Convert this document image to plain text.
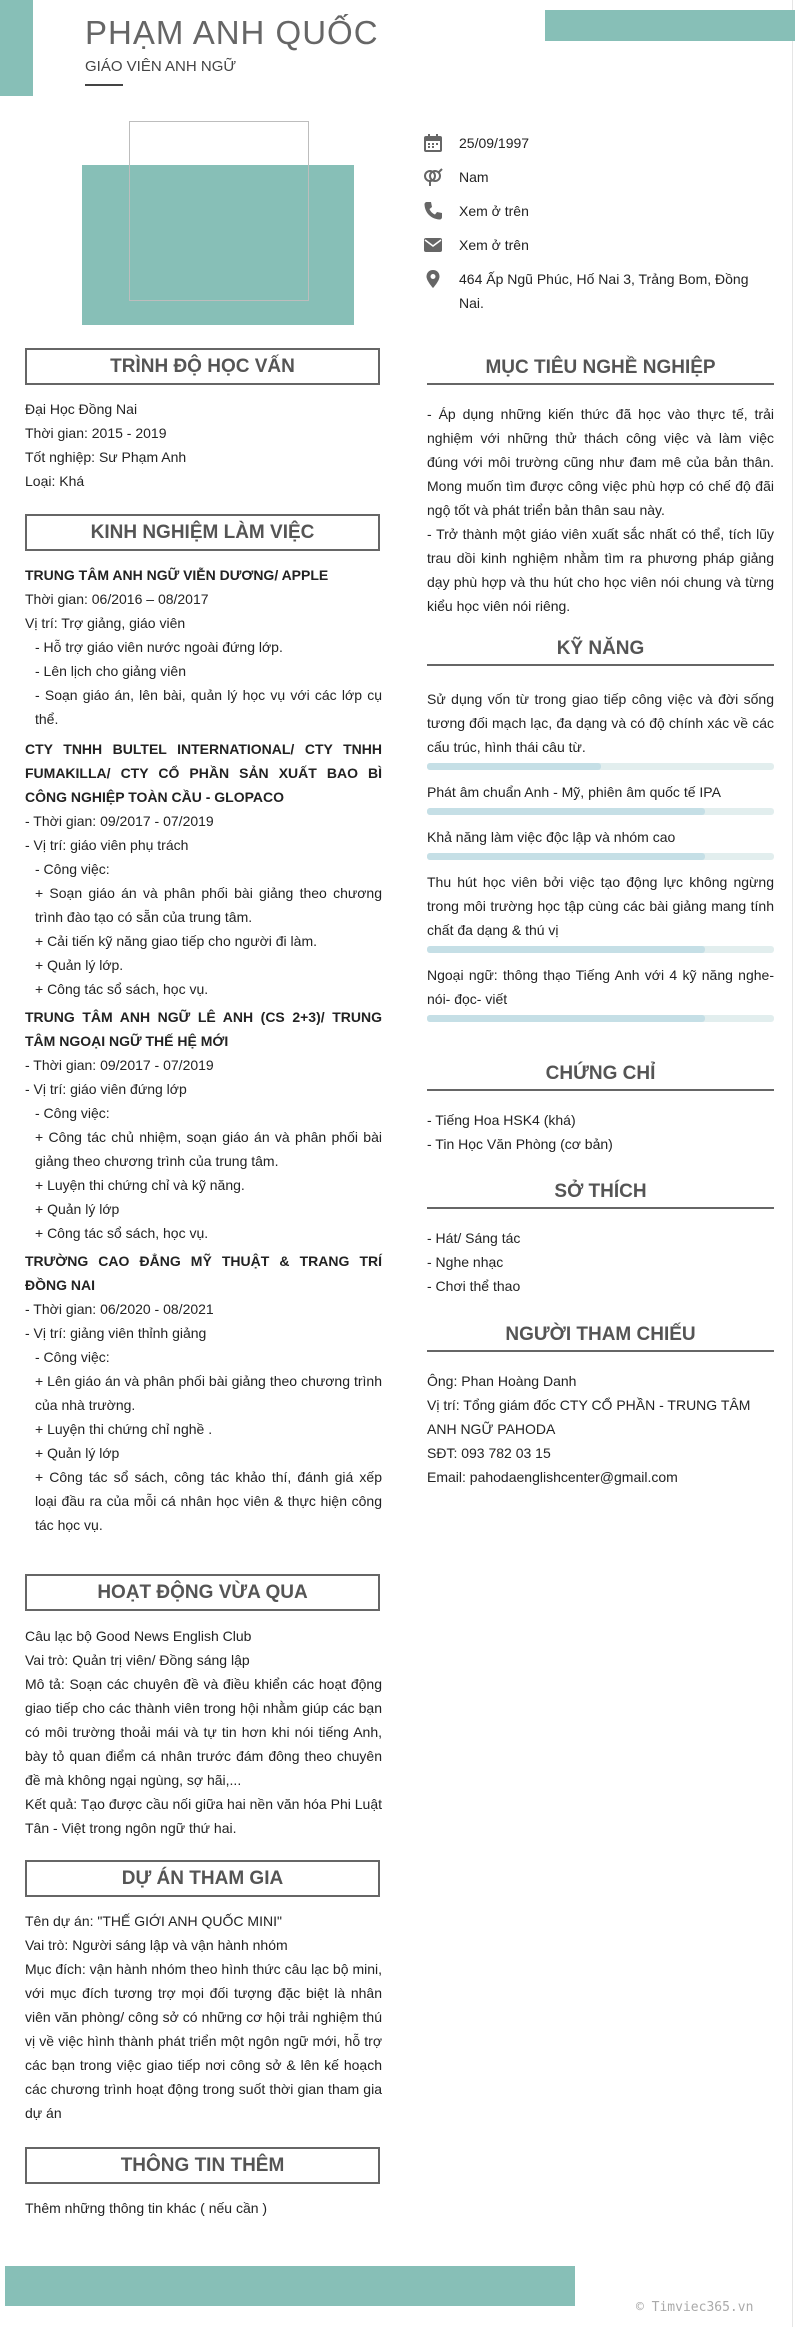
PHẠM ANH QUỐC
GIÁO VIÊN ANH NGỮ
25/09/1997
Nam
Xem ở trên
Xem ở trên
464 Ấp Ngũ Phúc, Hố Nai 3, Trảng Bom, Đồng Nai.
TRÌNH ĐỘ HỌC VẤN
Đại Học Đồng Nai
Thời gian: 2015 - 2019
Tốt nghiệp: Sư Phạm Anh
Loại: Khá
KINH NGHIỆM LÀM VIỆC
TRUNG TÂM ANH NGỮ VIỄN DƯƠNG/ APPLE
Thời gian: 06/2016 – 08/2017
Vị trí: Trợ giảng, giáo viên
- Hỗ trợ giáo viên nước ngoài đứng lớp.
- Lên lịch cho giảng viên
- Soạn giáo án, lên bài, quản lý học vụ với các lớp cụ thể.
CTY TNHH BULTEL INTERNATIONAL/ CTY TNHH FUMAKILLA/ CTY CỔ PHẦN SẢN XUẤT BAO BÌ CÔNG NGHIỆP TOÀN CẦU - GLOPACO
- Thời gian: 09/2017 - 07/2019
- Vị trí: giáo viên phụ trách
- Công việc:
+ Soạn giáo án và phân phối bài giảng theo chương trình đào tạo có sẵn của trung tâm.
+ Cải tiến kỹ năng giao tiếp cho người đi làm.
+ Quản lý lớp.
+ Công tác sổ sách, học vụ.
TRUNG TÂM ANH NGỮ LÊ ANH (CS 2+3)/ TRUNG TÂM NGOẠI NGỮ THẾ HỆ MỚI
- Thời gian: 09/2017 - 07/2019
- Vị trí: giáo viên đứng lớp
- Công việc:
+ Công tác chủ nhiệm, soạn giáo án và phân phối bài giảng theo chương trình của trung tâm.
+ Luyện thi chứng chỉ và kỹ năng.
+ Quản lý lớp
+ Công tác sổ sách, học vụ.
TRƯỜNG CAO ĐẲNG MỸ THUẬT & TRANG TRÍ ĐỒNG NAI
- Thời gian: 06/2020 - 08/2021
- Vị trí: giảng viên thỉnh giảng
- Công việc:
+ Lên giáo án và phân phối bài giảng theo chương trình của nhà trường.
+ Luyện thi chứng chỉ nghề .
+ Quản lý lớp
+ Công tác sổ sách, công tác khảo thí, đánh giá xếp loại đầu ra của mỗi cá nhân học viên & thực hiện công tác học vụ.
HOẠT ĐỘNG VỪA QUA
Câu lạc bộ Good News English Club
Vai trò: Quản trị viên/ Đồng sáng lập
Mô tả: Soạn các chuyên đề và điều khiển các hoạt động giao tiếp cho các thành viên trong hội nhằm giúp các bạn có môi trường thoải mái và tự tin hơn khi nói tiếng Anh, bày tỏ quan điểm cá nhân trước đám đông theo chuyên đề mà không ngại ngùng, sợ hãi,...
Kết quả: Tạo được cầu nối giữa hai nền văn hóa Phi Luật Tân - Việt trong ngôn ngữ thứ hai.
DỰ ÁN THAM GIA
Tên dự án: "THẾ GIỚI ANH QUỐC MINI"
Vai trò: Người sáng lập và vận hành nhóm
Mục đích: vận hành nhóm theo hình thức câu lạc bộ mini, với mục đích tương trợ mọi đối tượng đặc biệt là nhân viên văn phòng/ công sở có những cơ hội trải nghiệm thú vị về việc hình thành phát triển một ngôn ngữ mới, hỗ trợ các bạn trong việc giao tiếp nơi công sở & lên kế hoạch các chương trình hoạt động trong suốt thời gian tham gia dự án
THÔNG TIN THÊM
Thêm những thông tin khác ( nếu cần )
MỤC TIÊU NGHỀ NGHIỆP
- Áp dụng những kiến thức đã học vào thực tế, trải nghiệm với những thử thách công việc và làm việc đúng với môi trường cũng như đam mê của bản thân. Mong muốn tìm được công việc phù hợp có chế độ đãi ngộ tốt và phát triển bản thân sau này.
- Trở thành một giáo viên xuất sắc nhất có thể, tích lũy trau dồi kinh nghiệm nhằm tìm ra phương pháp giảng dạy phù hợp và thu hút cho học viên nói chung và từng kiểu học viên nói riêng.
KỸ NĂNG
Sử dụng vốn từ trong giao tiếp công việc và đời sống tương đối mạch lạc, đa dạng và có độ chính xác về các cấu trúc, hình thái câu từ.
Phát âm chuẩn Anh - Mỹ, phiên âm quốc tế IPA
Khả năng làm việc độc lập và nhóm cao
Thu hút học viên bởi việc tạo động lực không ngừng trong môi trường học tập cùng các bài giảng mang tính chất đa dạng & thú vị
Ngoại ngữ: thông thạo Tiếng Anh với 4 kỹ năng nghe- nói- đọc- viết
CHỨNG CHỈ
- Tiếng Hoa HSK4 (khá)
- Tin Học Văn Phòng (cơ bản)
SỞ THÍCH
- Hát/ Sáng tác
- Nghe nhạc
- Chơi thể thao
NGƯỜI THAM CHIẾU
Ông: Phan Hoàng Danh
Vị trí: Tổng giám đốc CTY CỔ PHẦN - TRUNG TÂM ANH NGỮ PAHODA
SĐT: 093 782 03 15
Email: pahodaenglishcenter@gmail.com
© Timviec365.vn
